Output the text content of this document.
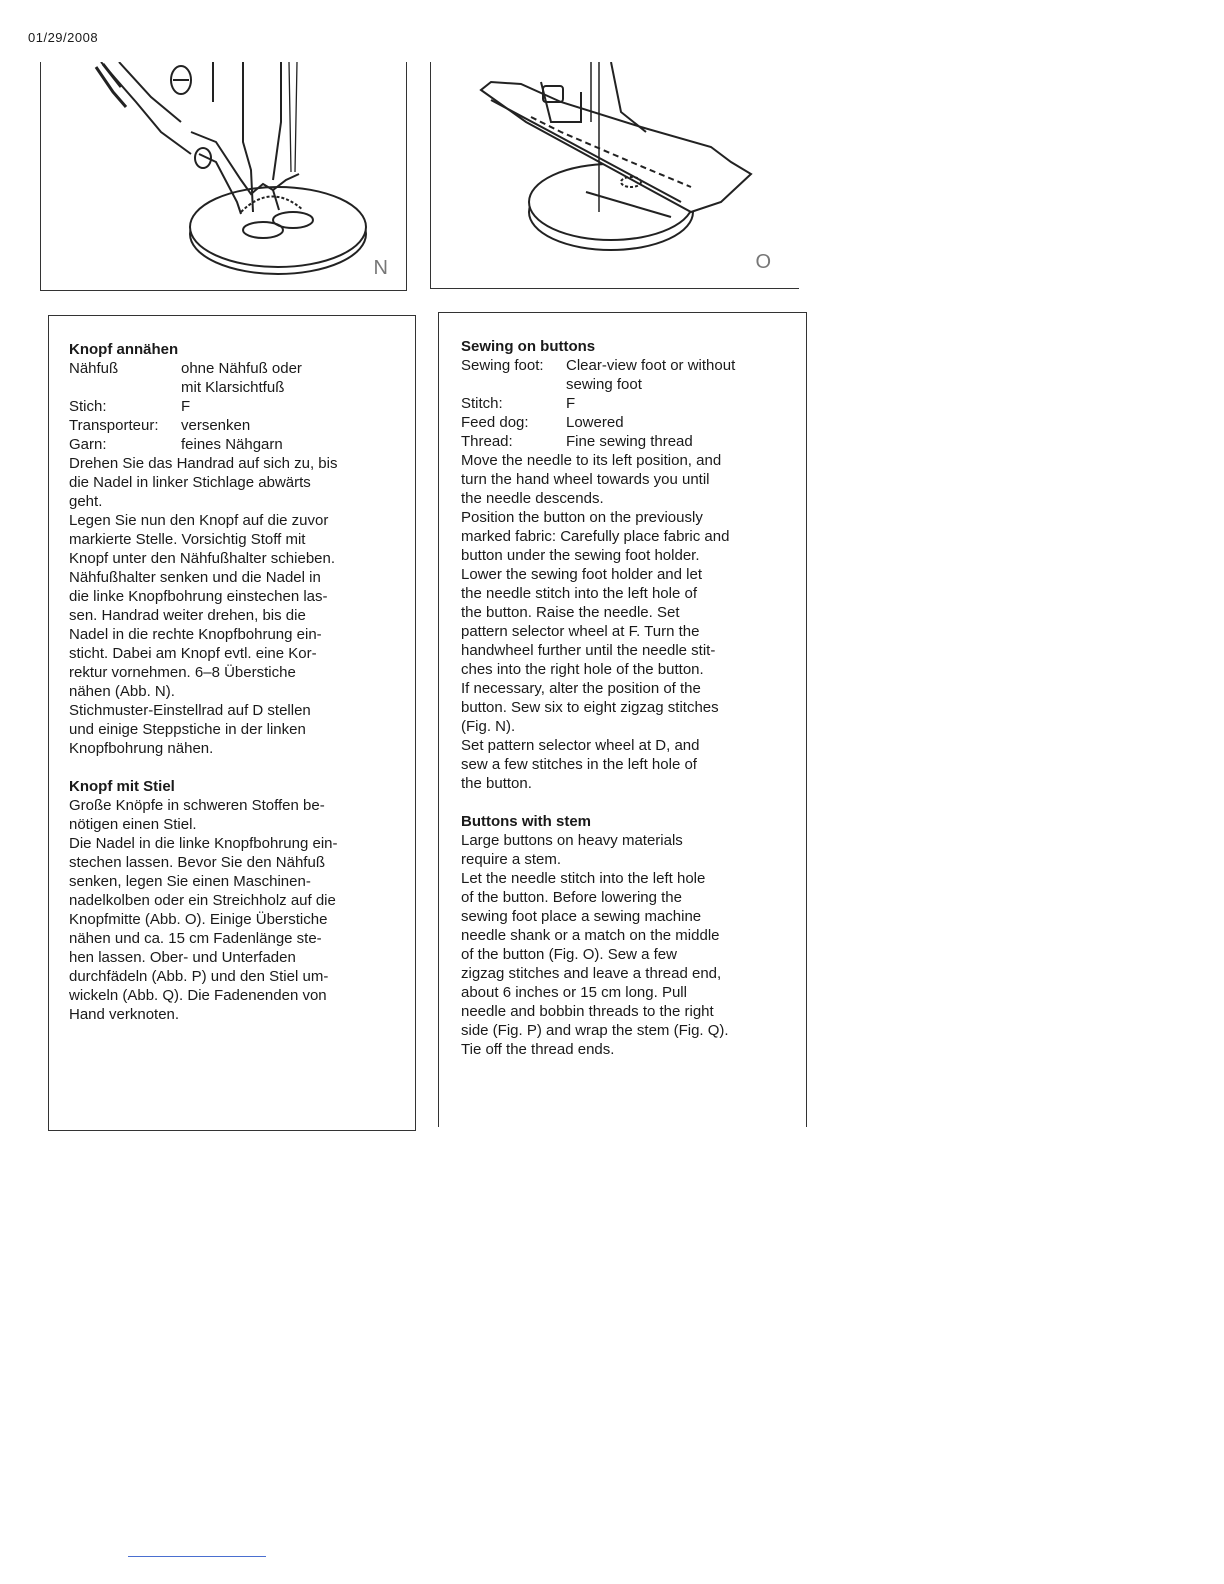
01/29/2008
N	O
Knopf annähen
Nähfuß	ohne Nähfuß oder
mit Klarsichtfuß
Stich:	F
Transporteur:	versenken
Garn:	feines Nähgarn

Drehen Sie das Handrad auf sich zu, bis
die Nadel in linker Stichlage abwärts
geht.
Legen Sie nun den Knopf auf die zuvor
markierte Stelle. Vorsichtig Stoff mit
Knopf unter den Nähfußhalter schieben.
Nähfußhalter senken und die Nadel in
die linke Knopfbohrung einstechen las-
sen. Handrad weiter drehen, bis die
Nadel in die rechte Knopfbohrung ein-
sticht. Dabei am Knopf evtl. eine Kor-
rektur vornehmen. 6–8 Überstiche
nähen (Abb. N).
Stichmuster-Einstellrad auf D stellen
und einige Steppstiche in der linken
Knopfbohrung nähen.

Knopf mit Stiel

Große Knöpfe in schweren Stoffen be-
nötigen einen Stiel.
Die Nadel in die linke Knopfbohrung ein-
stechen lassen. Bevor Sie den Nähfuß
senken, legen Sie einen Maschinen-
nadelkolben oder ein Streichholz auf die
Knopfmitte (Abb. O). Einige Überstiche
nähen und ca. 15 cm Fadenlänge ste-
hen lassen. Ober- und Unterfaden
durchfädeln (Abb. P) und den Stiel um-
wickeln (Abb. Q). Die Fadenenden von
Hand verknoten.

Sewing on buttons
Sewing foot:	Clear-view foot or without
sewing foot
Stitch:	F
Feed dog:	Lowered
Thread:	Fine sewing thread

Move the needle to its left position, and
turn the hand wheel towards you until
the needle descends.
Position the button on the previously
marked fabric: Carefully place fabric and
button under the sewing foot holder.
Lower the sewing foot holder and let
the needle stitch into the left hole of
the button. Raise the needle. Set
pattern selector wheel at F. Turn the
handwheel further until the needle stit-
ches into the right hole of the button.
If necessary, alter the position of the
button. Sew six to eight zigzag stitches
(Fig. N).
Set pattern selector wheel at D, and
sew a few stitches in the left hole of
the button.

Buttons with stem

Large buttons on heavy materials
require a stem.
Let the needle stitch into the left hole
of the button. Before lowering the
sewing foot place a sewing machine
needle shank or a match on the middle
of the button (Fig. O). Sew a few
zigzag stitches and leave a thread end,
about 6 inches or 15 cm long. Pull
needle and bobbin threads to the right
side (Fig. P) and wrap the stem (Fig. Q).
Tie off the thread ends.
